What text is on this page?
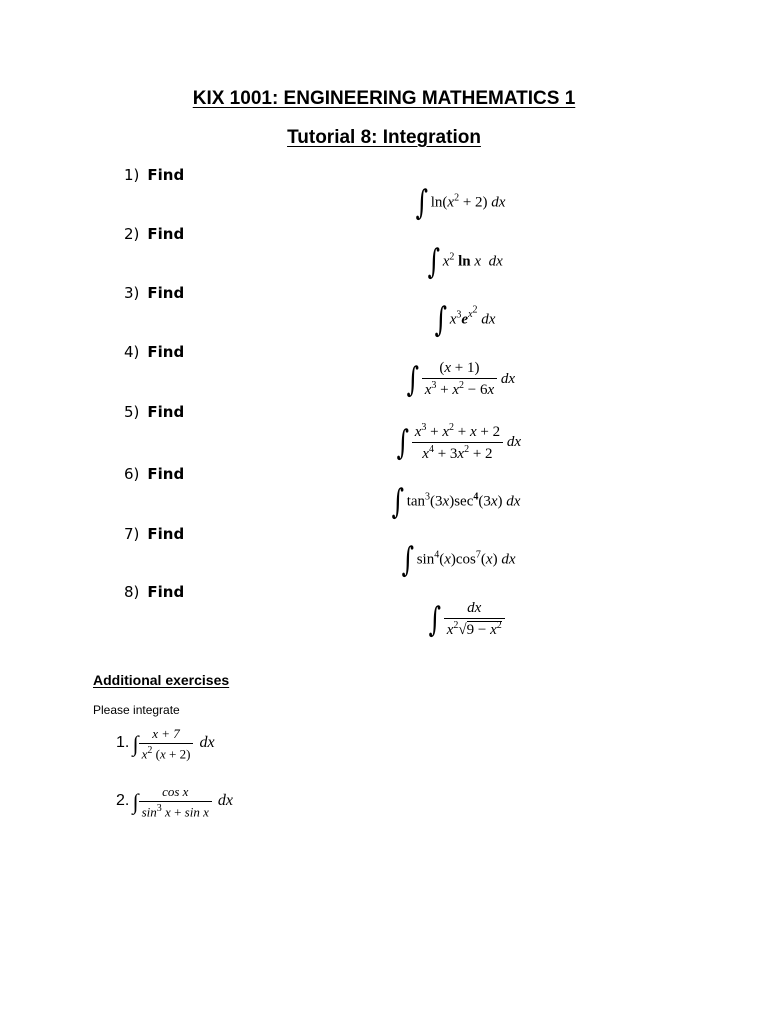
KIX 1001: ENGINEERING MATHEMATICS 1
Tutorial 8: Integration
1) Find
2) Find
3) Find
4) Find
5) Find
6) Find
7) Find
8) Find
∫ $\ln(x^2 + 2)$ dx
∫ $x^2$ ln x dx
∫ $x^3e^{x^2}$ dx
∫ $\frac{(x + 1)}{x^3 + x^2 - 6x}$ dx
∫ $\frac{x^3 + x^2 + x + 2}{x^4 + 3x^2 + 2}$ dx
∫ $\tan^3(3x)\sec^4(3x)$ dx
∫ $\sin^4(x)\cos^7(x)$ dx
∫ $\frac{dx}{x^2√9 - x^2}$
Additional exercises
Please integrate
1. ∫ $\frac{x + 7}{x^2 (x + 2)}$ dx
2. ∫ $\frac{\text{cos x}}{\sin^3 x + \sin x}$ dx
